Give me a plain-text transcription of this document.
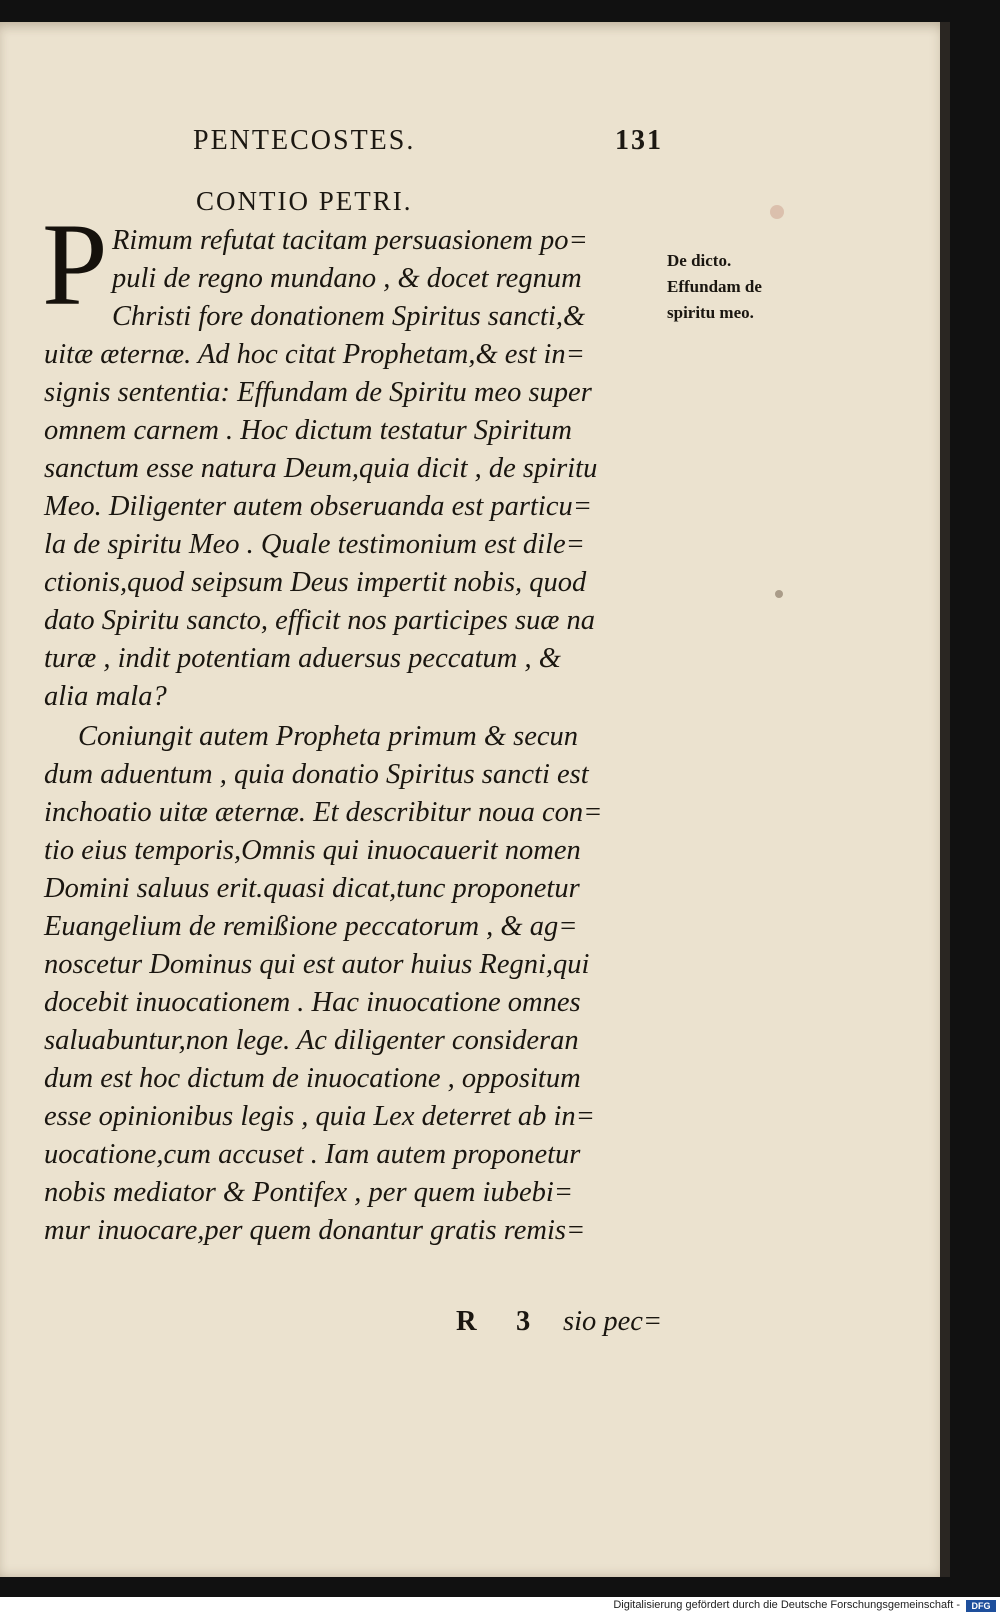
PENTECOSTES.	131
CONTIO PETRI.
P Rimum refutat tacitam persuasionem po=
puli de regno mundano , & docet regnum
Christi fore donationem Spiritus sancti,&
uitæ æternæ. Ad hoc citat Prophetam,& est in=
signis sententia: Effundam de Spiritu meo super
omnem carnem . Hoc dictum testatur Spiritum
sanctum esse natura Deum,quia dicit , de spiritu
Meo. Diligenter autem obseruanda est particu=
la de spiritu Meo . Quale testimonium est dile=
ctionis,quod seipsum Deus impertit nobis, quod
dato Spiritu sancto, efficit nos participes suæ na
turæ , indit potentiam aduersus peccatum , &
alia mala?
Coniungit autem Propheta primum & secun
dum aduentum , quia donatio Spiritus sancti est
inchoatio uitæ æternæ. Et describitur noua con=
tio eius temporis,Omnis qui inuocauerit nomen
Domini saluus erit.quasi dicat,tunc proponetur
Euangelium de remißione peccatorum , & ag=
noscetur Dominus qui est autor huius Regni,qui
docebit inuocationem . Hac inuocatione omnes
saluabuntur,non lege. Ac diligenter consideran
dum est hoc dictum de inuocatione , oppositum
esse opinionibus legis , quia Lex deterret ab in=
uocatione,cum accuset . Iam autem proponetur
nobis mediator & Pontifex , per quem iubebi=
mur inuocare,per quem donantur gratis remis=
De dicto.
Effundam de
spiritu meo.
R 3 sio pec=
Digitalisierung gefördert durch die Deutsche Forschungsgemeinschaft -	DFG
